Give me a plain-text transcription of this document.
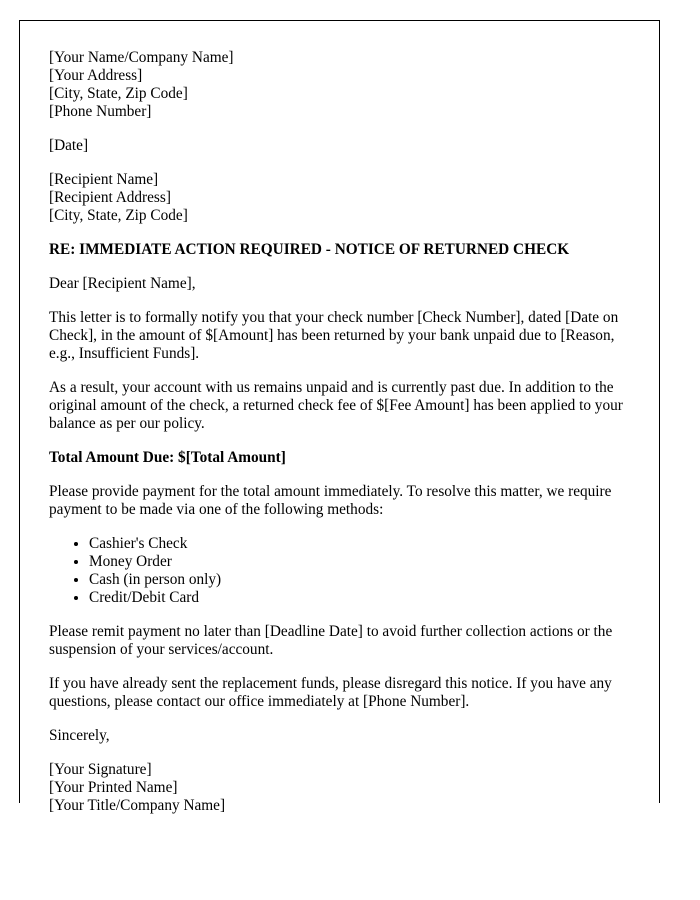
[Your Name/Company Name]
[Your Address]
[City, State, Zip Code]
[Phone Number]
[Date]
[Recipient Name]
[Recipient Address]
[City, State, Zip Code]

RE: IMMEDIATE ACTION REQUIRED - NOTICE OF RETURNED CHECK

Dear [Recipient Name],

This letter is to formally notify you that your check number [Check Number], dated [Date on Check], in the amount of $[Amount] has been returned by your bank unpaid due to [Reason, e.g., Insufficient Funds].

As a result, your account with us remains unpaid and is currently past due. In addition to the original amount of the check, a returned check fee of $[Fee Amount] has been applied to your balance as per our policy.

Total Amount Due: $[Total Amount]

Please provide payment for the total amount immediately. To resolve this matter, we require payment to be made via one of the following methods:

• Cashier's Check
• Money Order
• Cash (in person only)
• Credit/Debit Card

Please remit payment no later than [Deadline Date] to avoid further collection actions or the suspension of your services/account.

If you have already sent the replacement funds, please disregard this notice. If you have any questions, please contact our office immediately at [Phone Number].

Sincerely,

[Your Signature]
[Your Printed Name]
[Your Title/Company Name]
